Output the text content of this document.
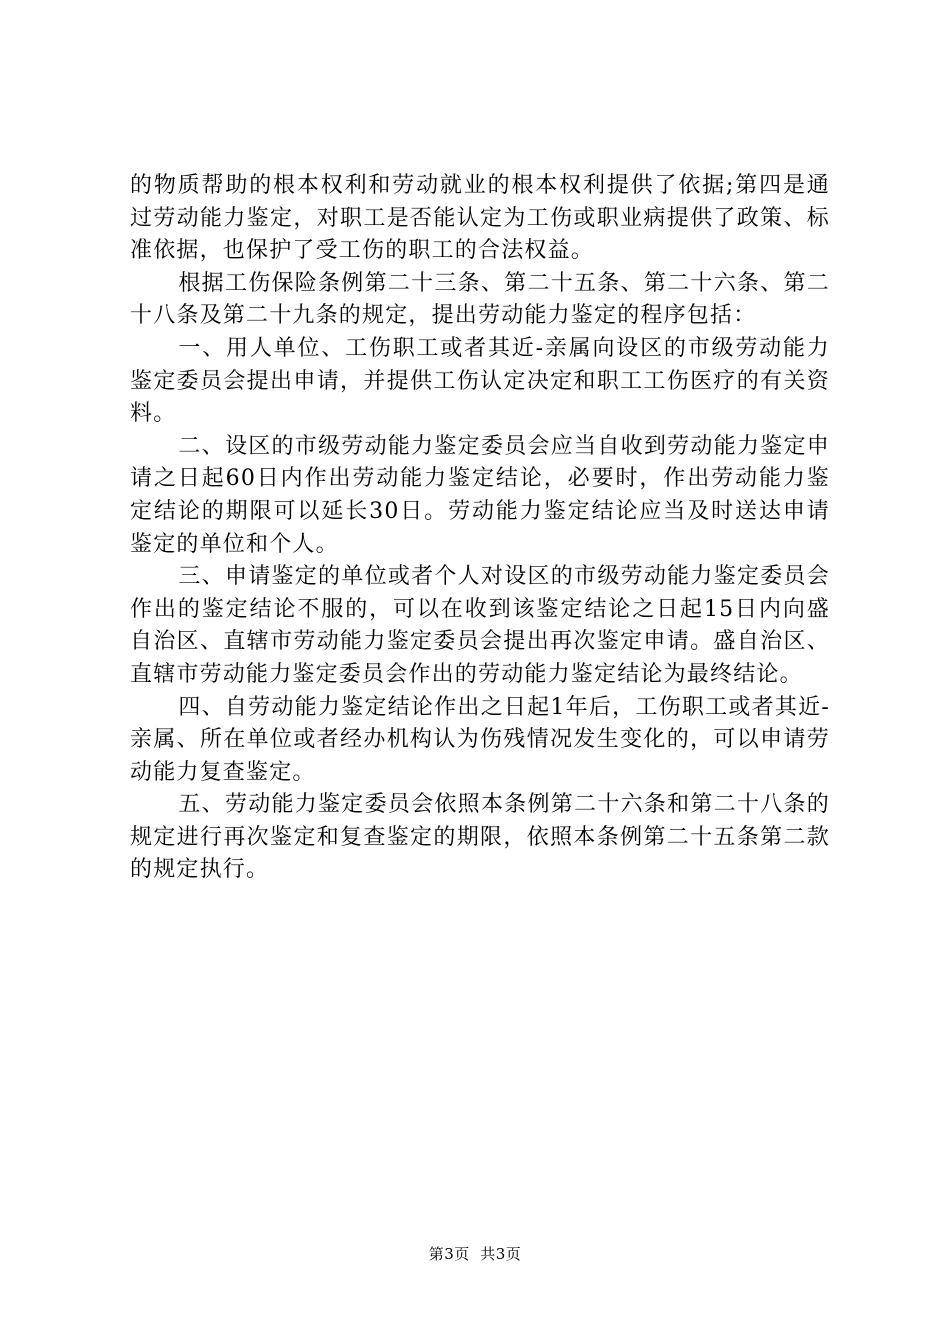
的物质帮助的根本权利和劳动就业的根本权利提供了依据;第四是通过劳动能力鉴定，对职工是否能认定为工伤或职业病提供了政策、标准依据，也保护了受工伤的职工的合法权益。

根据工伤保险条例第二十三条、第二十五条、第二十六条、第二十八条及第二十九条的规定，提出劳动能力鉴定的程序包括：

一、用人单位、工伤职工或者其近-亲属向设区的市级劳动能力鉴定委员会提出申请，并提供工伤认定决定和职工工伤医疗的有关资料。

二、设区的市级劳动能力鉴定委员会应当自收到劳动能力鉴定申请之日起60日内作出劳动能力鉴定结论，必要时，作出劳动能力鉴定结论的期限可以延长30日。劳动能力鉴定结论应当及时送达申请鉴定的单位和个人。

三、申请鉴定的单位或者个人对设区的市级劳动能力鉴定委员会作出的鉴定结论不服的，可以在收到该鉴定结论之日起15日内向盛自治区、直辖市劳动能力鉴定委员会提出再次鉴定申请。盛自治区、直辖市劳动能力鉴定委员会作出的劳动能力鉴定结论为最终结论。

四、自劳动能力鉴定结论作出之日起1年后，工伤职工或者其近-亲属、所在单位或者经办机构认为伤残情况发生变化的，可以申请劳动能力复查鉴定。

五、劳动能力鉴定委员会依照本条例第二十六条和第二十八条的规定进行再次鉴定和复查鉴定的期限，依照本条例第二十五条第二款的规定执行。

第3页  共3页
